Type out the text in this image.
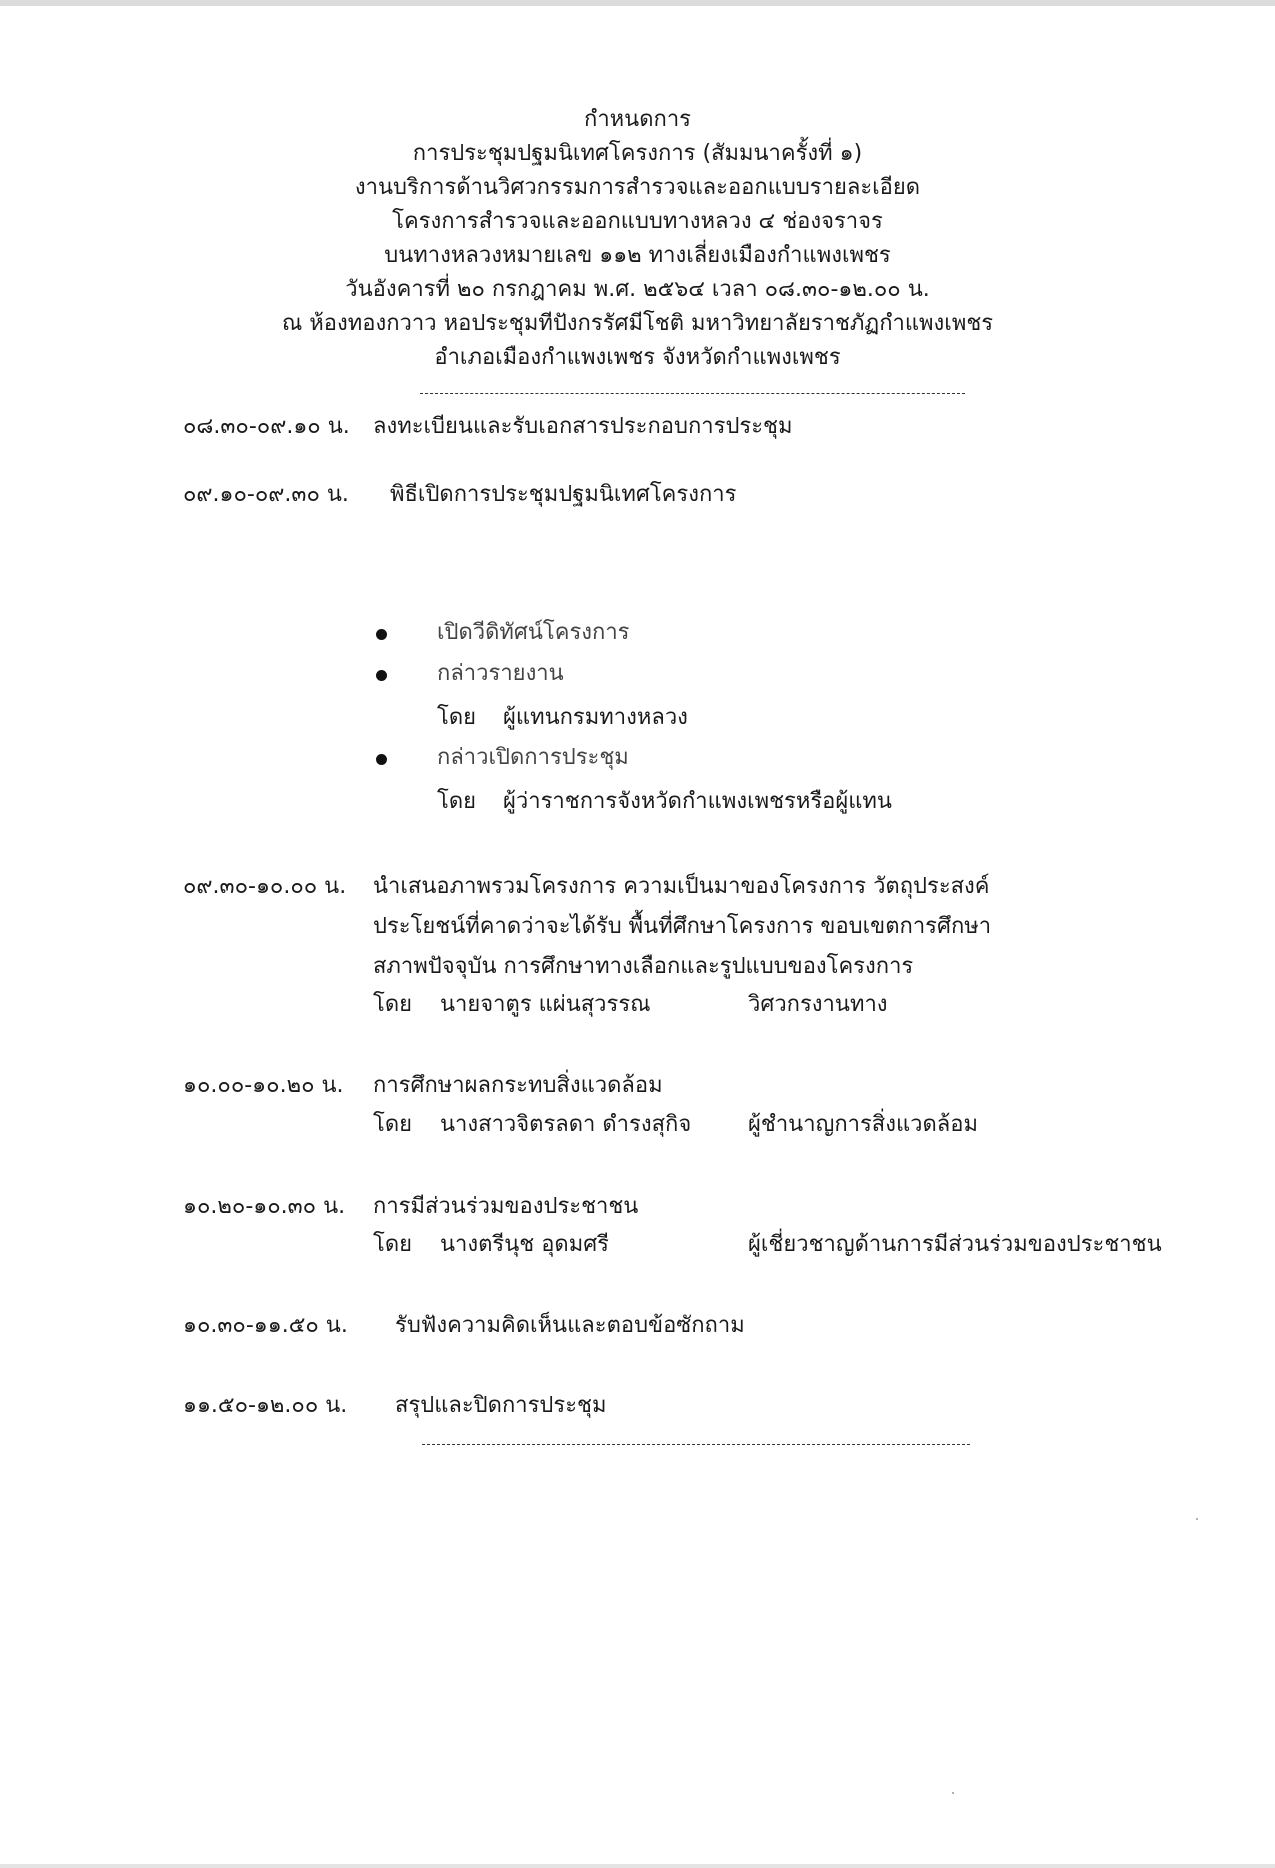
กำหนดการ
การประชุมปฐมนิเทศโครงการ (สัมมนาครั้งที่ ๑)
งานบริการด้านวิศวกรรมการสำรวจและออกแบบรายละเอียด
โครงการสำรวจและออกแบบทางหลวง ๔ ช่องจราจร
บนทางหลวงหมายเลข ๑๑๒ ทางเลี่ยงเมืองกำแพงเพชร
วันอังคารที่ ๒๐ กรกฎาคม พ.ศ. ๒๕๖๔ เวลา ๐๘.๓๐-๑๒.๐๐ น.
ณ ห้องทองกวาว หอประชุมทีปังกรรัศมีโชติ มหาวิทยาลัยราชภัฏกำแพงเพชร
อำเภอเมืองกำแพงเพชร จังหวัดกำแพงเพชร
๐๘.๓๐-๐๙.๑๐ น. ลงทะเบียนและรับเอกสารประกอบการประชุม
๐๙.๑๐-๐๙.๓๐ น. พิธีเปิดการประชุมปฐมนิเทศโครงการ
เปิดวีดิทัศน์โครงการ
กล่าวรายงาน
โดย ผู้แทนกรมทางหลวง
กล่าวเปิดการประชุม
โดย ผู้ว่าราชการจังหวัดกำแพงเพชรหรือผู้แทน
๐๙.๓๐-๑๐.๐๐ น. นำเสนอภาพรวมโครงการ ความเป็นมาของโครงการ วัตถุประสงค์
ประโยชน์ที่คาดว่าจะได้รับ พื้นที่ศึกษาโครงการ ขอบเขตการศึกษา
สภาพปัจจุบัน การศึกษาทางเลือกและรูปแบบของโครงการ
โดย นายจาตูร แผ่นสุวรรณ	วิศวกรงานทาง
๑๐.๐๐-๑๐.๒๐ น. การศึกษาผลกระทบสิ่งแวดล้อม
โดย นางสาวจิตรลดา ดำรงสุกิจ	ผู้ชำนาญการสิ่งแวดล้อม
๑๐.๒๐-๑๐.๓๐ น. การมีส่วนร่วมของประชาชน
โดย นางตรีนุช อุดมศรี	ผู้เชี่ยวชาญด้านการมีส่วนร่วมของประชาชน
๑๐.๓๐-๑๑.๕๐ น. รับฟังความคิดเห็นและตอบข้อซักถาม
๑๑.๕๐-๑๒.๐๐ น. สรุปและปิดการประชุม
